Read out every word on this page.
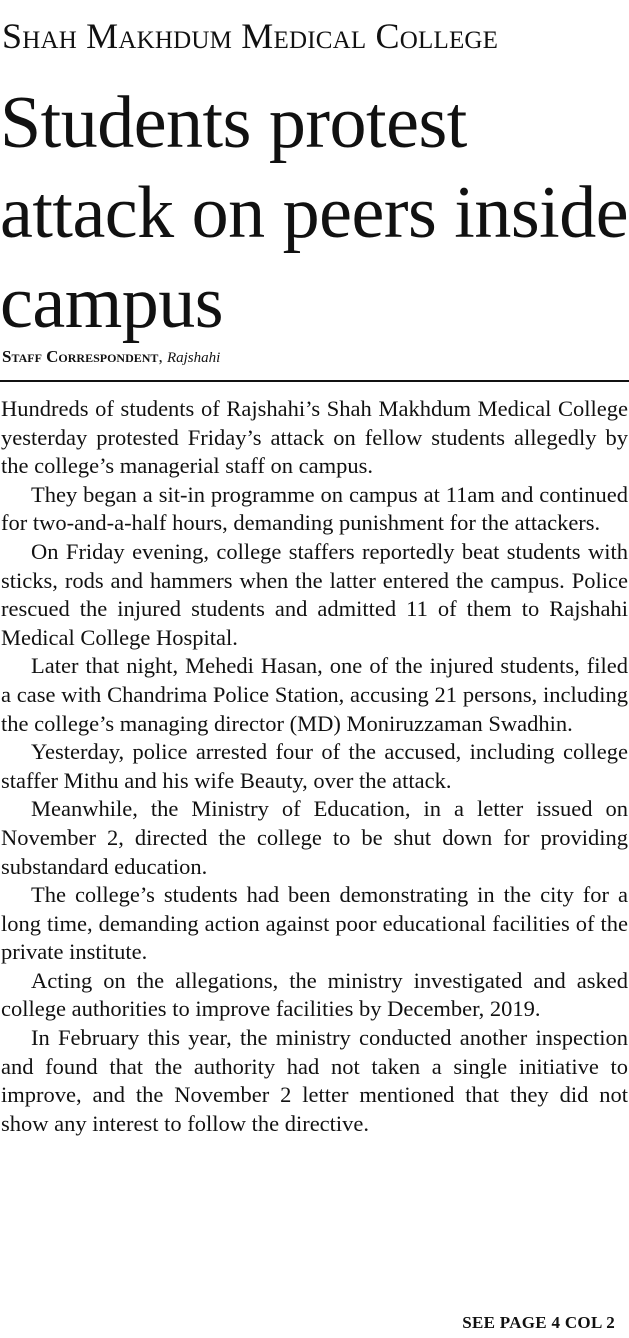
Shah Makhdum Medical College
Students protest attack on peers inside campus
Staff Correspondent, Rajshahi

Hundreds of students of Rajshahi’s Shah Makhdum Medical College yesterday protested Friday’s attack on fellow students allegedly by the college’s managerial staff on campus.

They began a sit-in programme on campus at 11am and continued for two-and-a-half hours, demanding punishment for the attackers.

On Friday evening, college staffers reportedly beat students with sticks, rods and hammers when the latter entered the campus. Police rescued the injured students and admitted 11 of them to Rajshahi Medical College Hospital.

Later that night, Mehedi Hasan, one of the injured students, filed a case with Chandrima Police Station, accusing 21 persons, including the college’s managing director (MD) Moniruzzaman Swadhin.

Yesterday, police arrested four of the accused, including college staffer Mithu and his wife Beauty, over the attack.

Meanwhile, the Ministry of Education, in a letter issued on November 2, directed the college to be shut down for providing substandard education.

The college’s students had been demonstrating in the city for a long time, demanding action against poor educational facilities of the private institute.

Acting on the allegations, the ministry investigated and asked college authorities to improve facilities by December, 2019.

In February this year, the ministry conducted another inspection and found that the authority had not taken a single initiative to improve, and the November 2 letter mentioned that they did not show any interest to follow the directive.

SEE PAGE 4 COL 2
